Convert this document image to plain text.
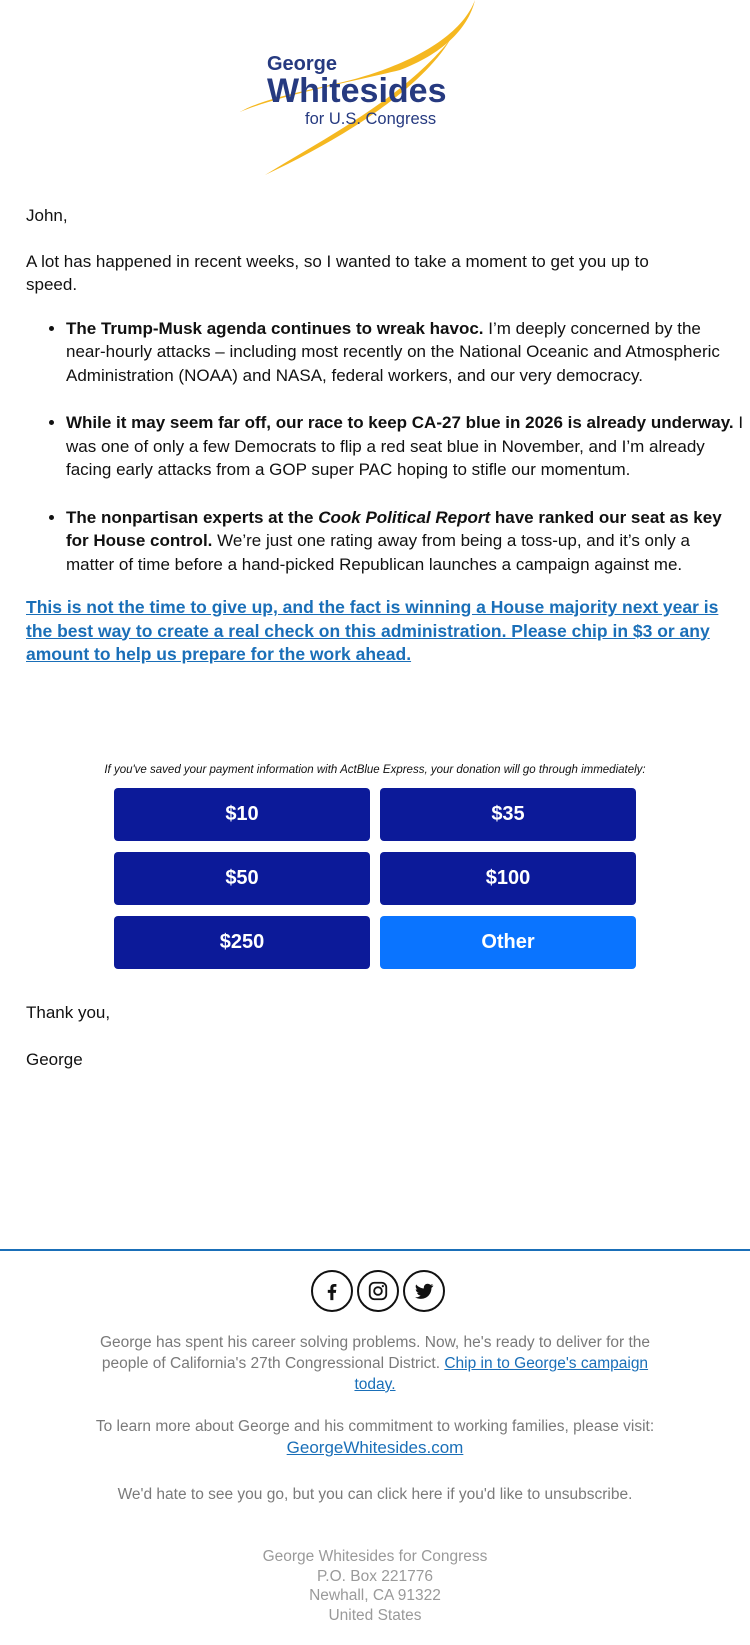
George
Whitesides
for U.S. Congress

John,

A lot has happened in recent weeks, so I wanted to take a moment to get you up to speed.

• The Trump-Musk agenda continues to wreak havoc. I’m deeply concerned by the near-hourly attacks – including most recently on the National Oceanic and Atmospheric Administration (NOAA) and NASA, federal workers, and our very democracy.
• While it may seem far off, our race to keep CA-27 blue in 2026 is already underway. I was one of only a few Democrats to flip a red seat blue in November, and I’m already facing early attacks from a GOP super PAC hoping to stifle our momentum.
• The nonpartisan experts at the Cook Political Report have ranked our seat as key for House control. We’re just one rating away from being a toss-up, and it’s only a matter of time before a hand-picked Republican launches a campaign against me.
This is not the time to give up, and the fact is winning a House majority next year is the best way to create a real check on this administration. Please chip in $3 or any amount to help us prepare for the work ahead.
If you've saved your payment information with ActBlue Express, your donation will go through immediately:
$10	$35
$50	$100
$250	Other
Thank you,
George
George has spent his career solving problems. Now, he's ready to deliver for the people of California's 27th Congressional District. Chip in to George's campaign today.
To learn more about George and his commitment to working families, please visit:
GeorgeWhitesides.com
We'd hate to see you go, but you can click here if you'd like to unsubscribe.
George Whitesides for Congress
P.O. Box 221776
Newhall, CA 91322
United States
